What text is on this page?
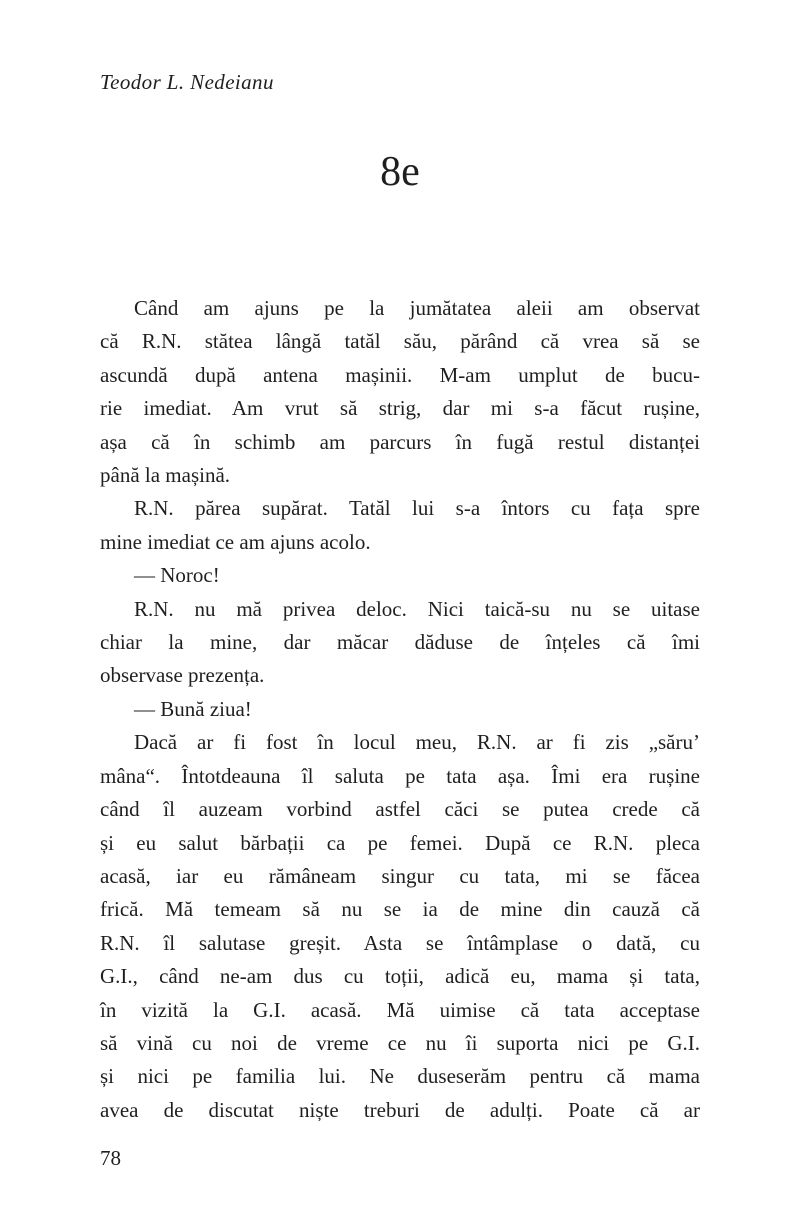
Teodor L. Nedeianu
8e
Când am ajuns pe la jumătatea aleii am observat
că R.N. stătea lângă tatăl său, părând că vrea să se
ascundă după antena mașinii. M-am umplut de bucu-
rie imediat. Am vrut să strig, dar mi s-a făcut rușine,
așa că în schimb am parcurs în fugă restul distanței
până la mașină.
R.N. părea supărat. Tatăl lui s-a întors cu fața spre
mine imediat ce am ajuns acolo.
— Noroc!
R.N. nu mă privea deloc. Nici taică-su nu se uitase
chiar la mine, dar măcar dăduse de înțeles că îmi
observase prezența.
— Bună ziua!
Dacă ar fi fost în locul meu, R.N. ar fi zis „săru’
mâna“. Întotdeauna îl saluta pe tata așa. Îmi era rușine
când îl auzeam vorbind astfel căci se putea crede că
și eu salut bărbații ca pe femei. După ce R.N. pleca
acasă, iar eu rămâneam singur cu tata, mi se făcea
frică. Mă temeam să nu se ia de mine din cauză că
R.N. îl salutase greșit. Asta se întâmplase o dată, cu
G.I., când ne-am dus cu toții, adică eu, mama și tata,
în vizită la G.I. acasă. Mă uimise că tata acceptase
să vină cu noi de vreme ce nu îi suporta nici pe G.I.
și nici pe familia lui. Ne duseserăm pentru că mama
avea de discutat niște treburi de adulți. Poate că ar
78
